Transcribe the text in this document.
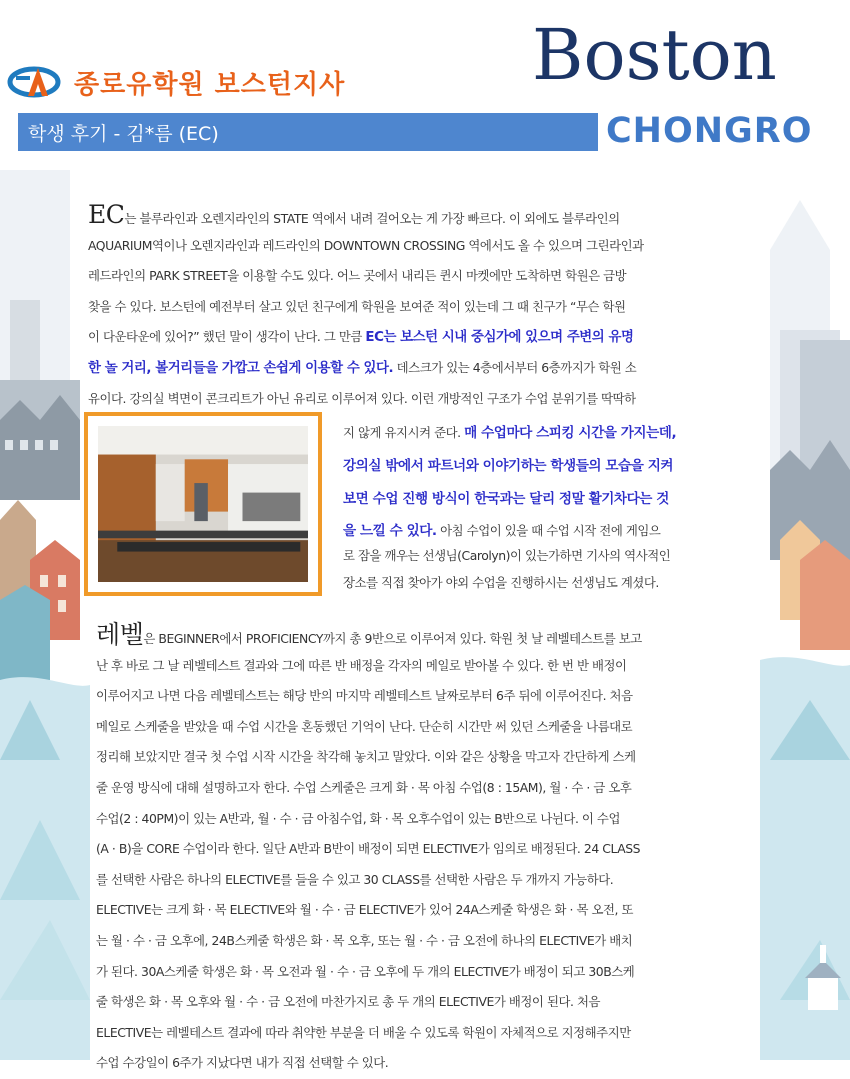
종로유학원 보스턴지사	Boston
CHONGRO
학생 후기 - 김*름 (EC)
EC는 블루라인과 오렌지라인의 STATE 역에서 내려 걸어오는 게 가장 빠르다. 이 외에도 블루라인의
AQUARIUM역이나 오렌지라인과 레드라인의 DOWNTOWN CROSSING 역에서도 올 수 있으며 그린라인과
레드라인의 PARK STREET을 이용할 수도 있다. 어느 곳에서 내리든 퀸시 마켓에만 도착하면 학원은 금방
찾을 수 있다. 보스턴에 예전부터 살고 있던 친구에게 학원을 보여준 적이 있는데 그 때 친구가 “무슨 학원
이 다운타운에 있어?” 했던 말이 생각이 난다. 그 만큼 EC는 보스턴 시내 중심가에 있으며 주변의 유명
한 놀 거리, 볼거리들을 가깝고 손쉽게 이용할 수 있다. 데스크가 있는 4층에서부터 6층까지가 학원 소
유이다. 강의실 벽면이 콘크리트가 아닌 유리로 이루어져 있다. 이런 개방적인 구조가 수업 분위기를 딱딱하
지 않게 유지시켜 준다. 매 수업마다 스피킹 시간을 가지는데,
강의실 밖에서 파트너와 이야기하는 학생들의 모습을 지켜
보면 수업 진행 방식이 한국과는 달리 정말 활기차다는 것
을 느낄 수 있다. 아침 수업이 있을 때 수업 시작 전에 게임으
로 잠을 깨우는 선생님(Carolyn)이 있는가하면 기사의 역사적인
장소를 직접 찾아가 야외 수업을 진행하시는 선생님도 계셨다.
레벨은 BEGINNER에서 PROFICIENCY까지 총 9반으로 이루어져 있다. 학원 첫 날 레벨테스트를 보고
난 후 바로 그 날 레벨테스트 결과와 그에 따른 반 배정을 각자의 메일로 받아볼 수 있다. 한 번 반 배정이
이루어지고 나면 다음 레벨테스트는 해당 반의 마지막 레벨테스트 날짜로부터 6주 뒤에 이루어진다. 처음
메일로 스케줄을 받았을 때 수업 시간을 혼동했던 기억이 난다. 단순히 시간만 써 있던 스케줄을 나름대로
정리해 보았지만 결국 첫 수업 시작 시간을 착각해 놓치고 말았다. 이와 같은 상황을 막고자 간단하게 스케
줄 운영 방식에 대해 설명하고자 한다. 수업 스케줄은 크게 화 · 목 아침 수업(8 : 15AM), 월 · 수 · 금 오후
수업(2 : 40PM)이 있는 A반과, 월 · 수 · 금 아침수업, 화 · 목 오후수업이 있는 B반으로 나뉜다. 이 수업
(A · B)을 CORE 수업이라 한다. 일단 A반과 B반이 배정이 되면 ELECTIVE가 임의로 배정된다. 24 CLASS
를 선택한 사람은 하나의 ELECTIVE를 들을 수 있고 30 CLASS를 선택한 사람은 두 개까지 가능하다.
ELECTIVE는 크게 화 · 목 ELECTIVE와 월 · 수 · 금 ELECTIVE가 있어 24A스케줄 학생은 화 · 목 오전, 또
는 월 · 수 · 금 오후에, 24B스케줄 학생은 화 · 목 오후, 또는 월 · 수 · 금 오전에 하나의 ELECTIVE가 배치
가 된다. 30A스케줄 학생은 화 · 목 오전과 월 · 수 · 금 오후에 두 개의 ELECTIVE가 배정이 되고 30B스케
줄 학생은 화 · 목 오후와 월 · 수 · 금 오전에 마찬가지로 총 두 개의 ELECTIVE가 배정이 된다. 처음
ELECTIVE는 레벨테스트 결과에 따라 취약한 부분을 더 배울 수 있도록 학원이 자체적으로 지정해주지만
수업 수강일이 6주가 지났다면 내가 직접 선택할 수 있다.
